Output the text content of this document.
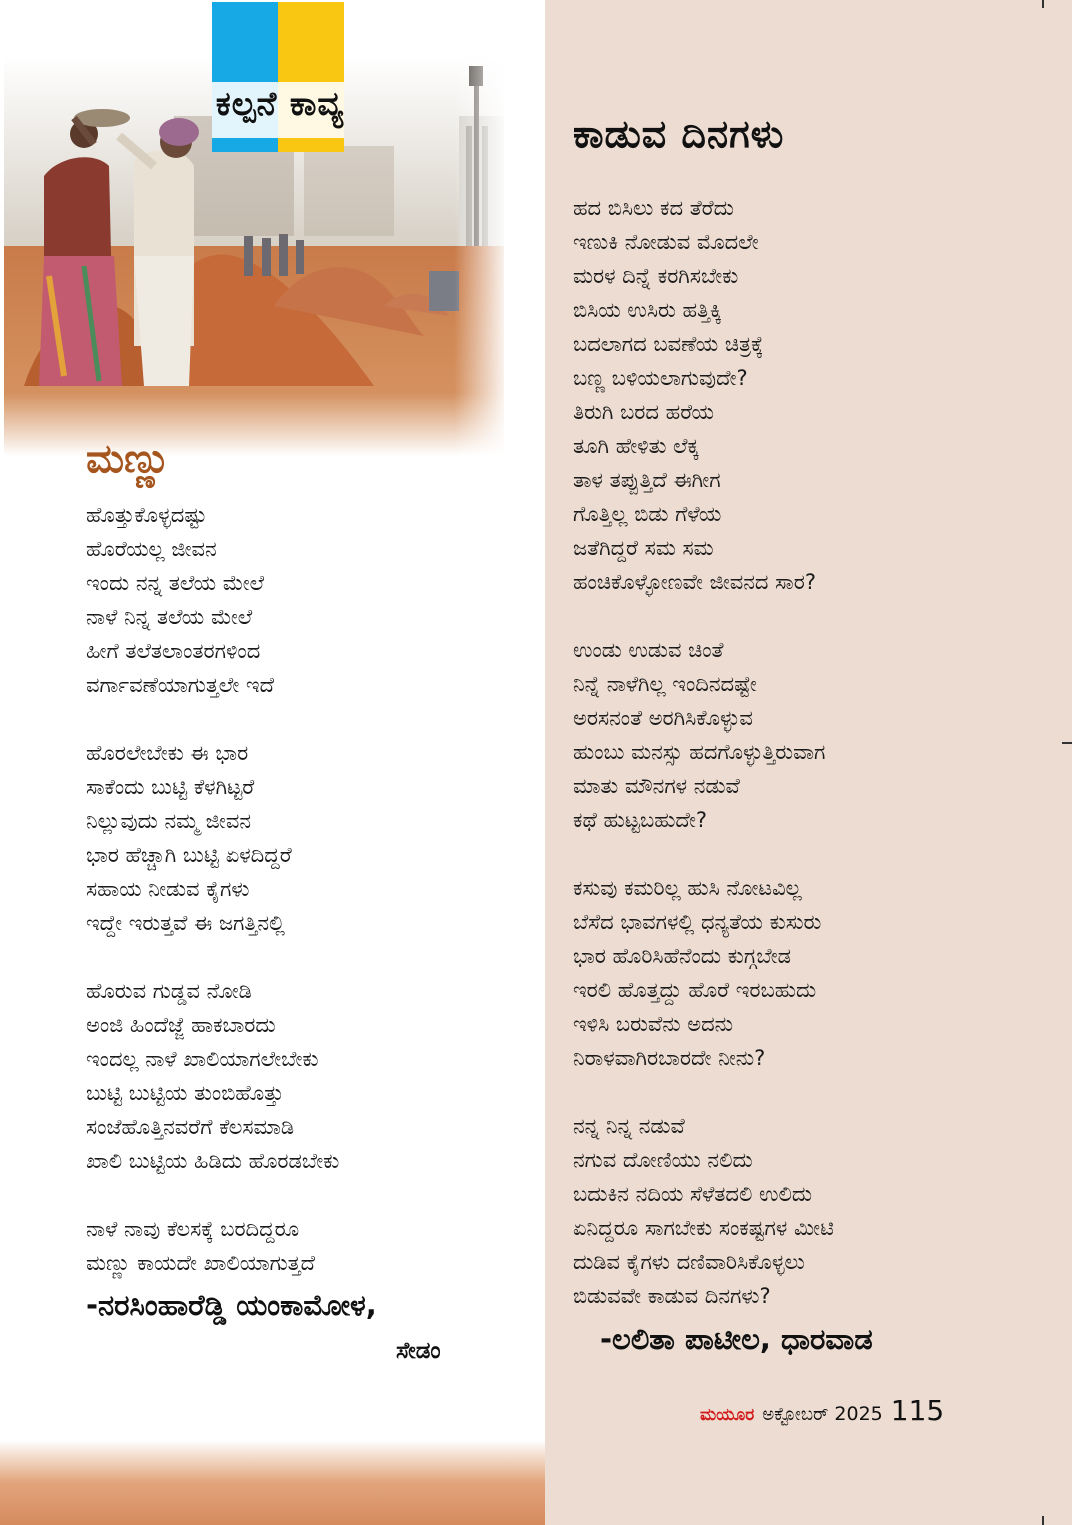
ಕಲ್ಪನೆ ಕಾವ್ಯ
ಮಣ್ಣು
ಹೊತ್ತುಕೊಳ್ಳದಷ್ಟು
ಹೊರೆಯಲ್ಲ ಜೀವನ
ಇಂದು ನನ್ನ ತಲೆಯ ಮೇಲೆ
ನಾಳೆ ನಿನ್ನ ತಲೆಯ ಮೇಲೆ
ಹೀಗೆ ತಲೆತಲಾಂತರಗಳಿಂದ
ವರ್ಗಾವಣೆಯಾಗುತ್ತಲೇ ಇದೆ
ಹೊರಲೇಬೇಕು ಈ ಭಾರ
ಸಾಕೆಂದು ಬುಟ್ಟಿ ಕೆಳಗಿಟ್ಟರೆ
ನಿಲ್ಲುವುದು ನಮ್ಮ ಜೀವನ
ಭಾರ ಹೆಚ್ಚಾಗಿ ಬುಟ್ಟಿ ಏಳದಿದ್ದರೆ
ಸಹಾಯ ನೀಡುವ ಕೈಗಳು
ಇದ್ದೇ ಇರುತ್ತವೆ ಈ ಜಗತ್ತಿನಲ್ಲಿ
ಹೊರುವ ಗುಡ್ಡವ ನೋಡಿ
ಅಂಜಿ ಹಿಂದೆಜ್ಜೆ ಹಾಕಬಾರದು
ಇಂದಲ್ಲ ನಾಳೆ ಖಾಲಿಯಾಗಲೇಬೇಕು
ಬುಟ್ಟಿ ಬುಟ್ಟಿಯ ತುಂಬಿಹೊತ್ತು
ಸಂಜೆಹೊತ್ತಿನವರೆಗೆ ಕೆಲಸಮಾಡಿ
ಖಾಲಿ ಬುಟ್ಟಿಯ ಹಿಡಿದು ಹೊರಡಬೇಕು
ನಾಳೆ ನಾವು ಕೆಲಸಕ್ಕೆ ಬರದಿದ್ದರೂ
ಮಣ್ಣು ಕಾಯದೇ ಖಾಲಿಯಾಗುತ್ತದೆ
-ನರಸಿಂಹಾರೆಡ್ಡಿ ಯಂಕಾಮೋಳ,
ಸೇಡಂ
ಕಾಡುವ ದಿನಗಳು
ಹದ ಬಿಸಿಲು ಕದ ತೆರೆದು
ಇಣುಕಿ ನೋಡುವ ಮೊದಲೇ
ಮರಳ ದಿನ್ನೆ ಕರಗಿಸಬೇಕು
ಬಿಸಿಯ ಉಸಿರು ಹತ್ತಿಕ್ಕಿ
ಬದಲಾಗದ ಬವಣೆಯ ಚಿತ್ರಕ್ಕೆ
ಬಣ್ಣ ಬಳಿಯಲಾಗುವುದೇ?
ತಿರುಗಿ ಬರದ ಹರೆಯ
ತೂಗಿ ಹೇಳಿತು ಲೆಕ್ಕ
ತಾಳ ತಪ್ಪುತ್ತಿದೆ ಈಗೀಗ
ಗೊತ್ತಿಲ್ಲ ಬಿಡು ಗೆಳೆಯ
ಜತೆಗಿದ್ದರೆ ಸಮ ಸಮ
ಹಂಚಿಕೊಳ್ಳೋಣವೇ ಜೀವನದ ಸಾರ?
ಉಂಡು ಉಡುವ ಚಿಂತೆ
ನಿನ್ನೆ ನಾಳೆಗಿಲ್ಲ ಇಂದಿನದಷ್ಟೇ
ಅರಸನಂತೆ ಅರಗಿಸಿಕೊಳ್ಳುವ
ಹುಂಬು ಮನಸ್ಸು ಹದಗೊಳ್ಳುತ್ತಿರುವಾಗ
ಮಾತು ಮೌನಗಳ ನಡುವೆ
ಕಥೆ ಹುಟ್ಟಬಹುದೇ?
ಕಸುವು ಕಮರಿಲ್ಲ ಹುಸಿ ನೋಟವಿಲ್ಲ
ಬೆಸೆದ ಭಾವಗಳಲ್ಲಿ ಧನ್ಯತೆಯ ಕುಸುರು
ಭಾರ ಹೊರಿಸಿಹೆನೆಂದು ಕುಗ್ಗಬೇಡ
ಇರಲಿ ಹೊತ್ತದ್ದು ಹೊರೆ ಇರಬಹುದು
ಇಳಿಸಿ ಬರುವೆನು ಅದನು
ನಿರಾಳವಾಗಿರಬಾರದೇ ನೀನು?
ನನ್ನ ನಿನ್ನ ನಡುವೆ
ನಗುವ ದೋಣಿಯು ನಲಿದು
ಬದುಕಿನ ನದಿಯ ಸೆಳೆತದಲಿ ಉಲಿದು
ಏನಿದ್ದರೂ ಸಾಗಬೇಕು ಸಂಕಷ್ಟಗಳ ಮೀಟಿ
ದುಡಿವ ಕೈಗಳು ದಣಿವಾರಿಸಿಕೊಳ್ಳಲು
ಬಿಡುವವೇ ಕಾಡುವ ದಿನಗಳು?
-ಲಲಿತಾ ಪಾಟೀಲ, ಧಾರವಾಡ
ಮಯೂರ ಅಕ್ಟೋಬರ್ 2025 115
